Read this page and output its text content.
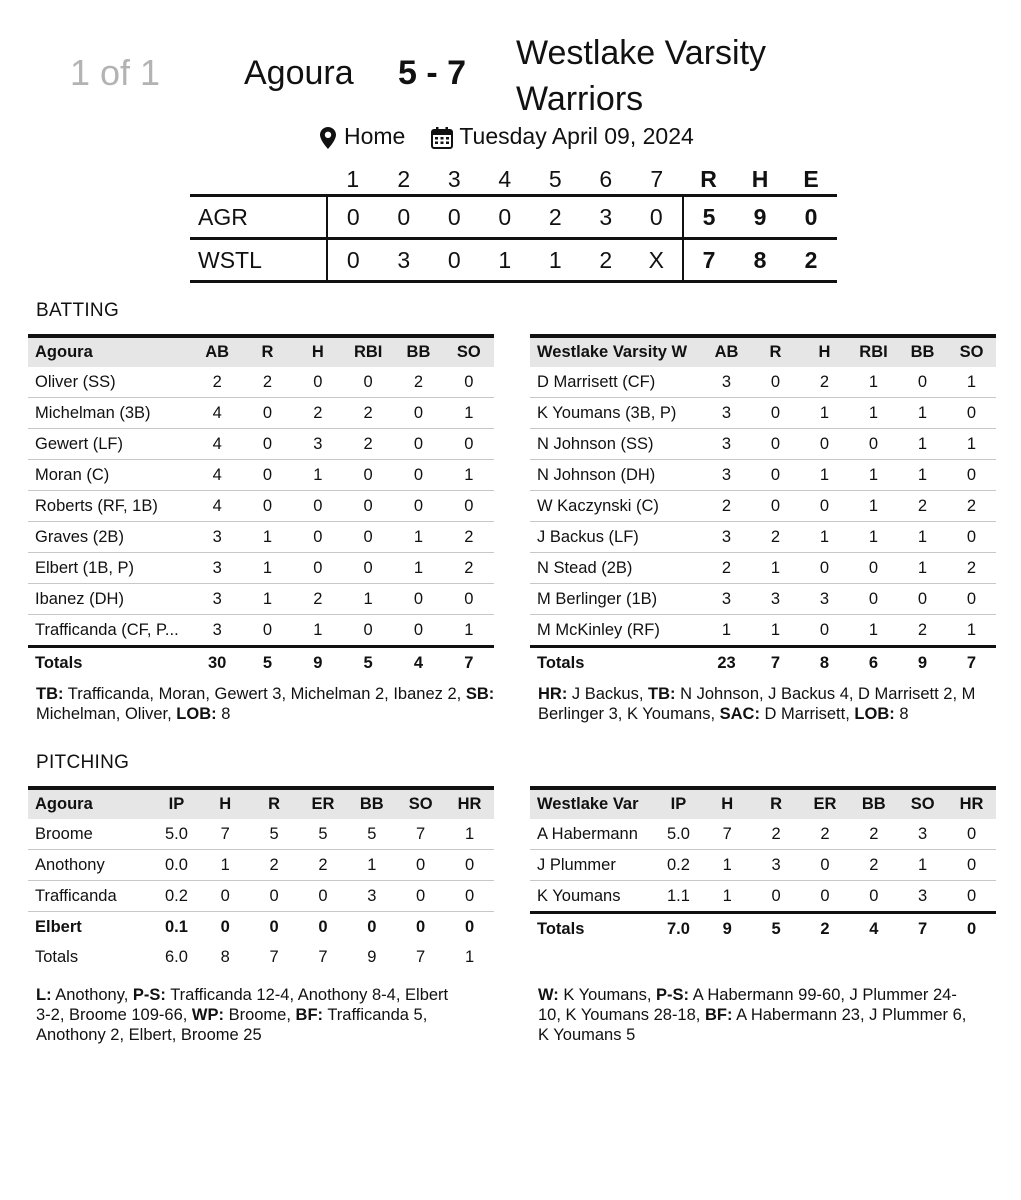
1 of 1 Agoura 5 - 7
Westlake Varsity Warriors
Home Tuesday April 09, 2024
	1	2	3	4	5	6	7	R	H	E
AGR	0	0	0	0	2	3	0	5	9	0
WSTL	0	3	0	1	1	2	X	7	8	2
BATTING
Agoura	AB	R	H	RBI	BB	SO
Oliver (SS)	2	2	0	0	2	0
Michelman (3B)	4	0	2	2	0	1
Gewert (LF)	4	0	3	2	0	0
Moran (C)	4	0	1	0	0	1
Roberts (RF, 1B)	4	0	0	0	0	0
Graves (2B)	3	1	0	0	1	2
Elbert (1B, P)	3	1	0	0	1	2
Ibanez (DH)	3	1	2	1	0	0
Trafficanda (CF, P...	3	0	1	0	0	1
Totals	30	5	9	5	4	7
Westlake Varsity W	AB	R	H	RBI	BB	SO
D Marrisett (CF)	3	0	2	1	0	1
K Youmans (3B, P)	3	0	1	1	1	0
N Johnson (SS)	3	0	0	0	1	1
N Johnson (DH)	3	0	1	1	1	0
W Kaczynski (C)	2	0	0	1	2	2
J Backus (LF)	3	2	1	1	1	0
N Stead (2B)	2	1	0	0	1	2
M Berlinger (1B)	3	3	3	0	0	0
M McKinley (RF)	1	1	0	1	2	1
Totals	23	7	8	6	9	7
TB: Trafficanda, Moran, Gewert 3, Michelman 2, Ibanez 2, SB: Michelman, Oliver, LOB: 8
HR: J Backus, TB: N Johnson, J Backus 4, D Marrisett 2, M Berlinger 3, K Youmans, SAC: D Marrisett, LOB: 8
PITCHING
Agoura	IP	H	R	ER	BB	SO	HR
Broome	5.0	7	5	5	5	7	1
Anothony	0.0	1	2	2	1	0	0
Trafficanda	0.2	0	0	0	3	0	0
Elbert	0.1	0	0	0	0	0	0
Totals	6.0	8	7	7	9	7	1
Westlake Var	IP	H	R	ER	BB	SO	HR
A Habermann	5.0	7	2	2	2	3	0
J Plummer	0.2	1	3	0	2	1	0
K Youmans	1.1	1	0	0	0	3	0
Totals	7.0	9	5	2	4	7	0
L: Anothony, P-S: Trafficanda 12-4, Anothony 8-4, Elbert 3-2, Broome 109-66, WP: Broome, BF: Trafficanda 5, Anothony 2, Elbert, Broome 25
W: K Youmans, P-S: A Habermann 99-60, J Plummer 24-10, K Youmans 28-18, BF: A Habermann 23, J Plummer 6, K Youmans 5
